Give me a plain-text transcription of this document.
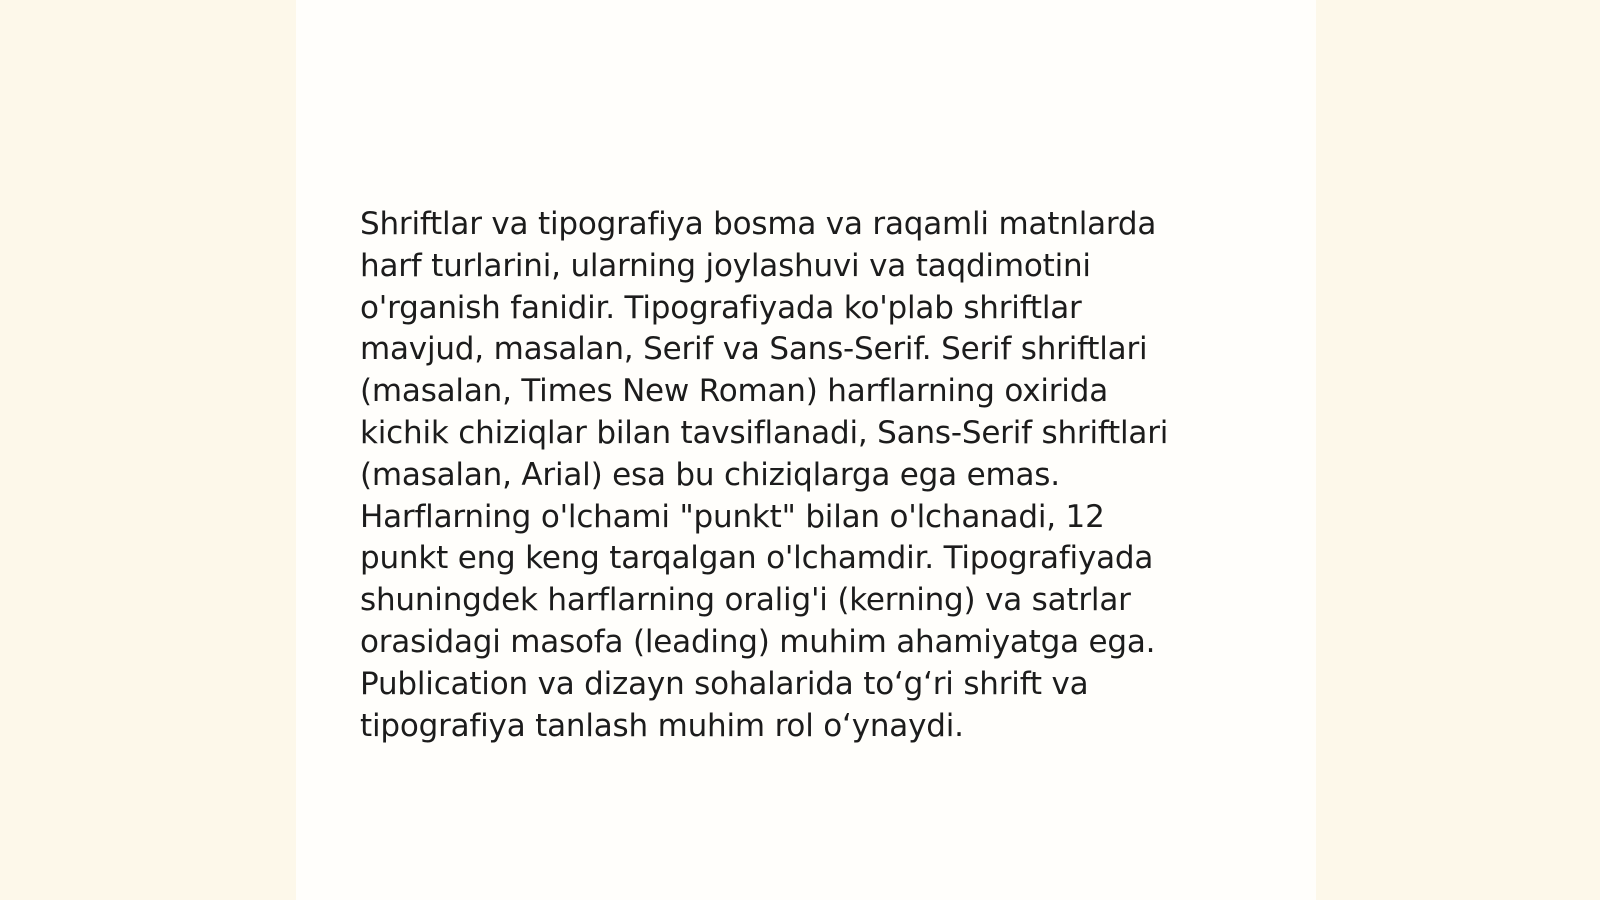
Shriftlar va tipografiya bosma va raqamli matnlarda
harf turlarini, ularning joylashuvi va taqdimotini
o'rganish fanidir. Tipografiyada ko'plab shriftlar
mavjud, masalan, Serif va Sans-Serif. Serif shriftlari
(masalan, Times New Roman) harflarning oxirida
kichik chiziqlar bilan tavsiflanadi, Sans-Serif shriftlari
(masalan, Arial) esa bu chiziqlarga ega emas.
Harflarning o'lchami "punkt" bilan o'lchanadi, 12
punkt eng keng tarqalgan o'lchamdir. Tipografiyada
shuningdek harflarning oralig'i (kerning) va satrlar
orasidagi masofa (leading) muhim ahamiyatga ega.
Publication va dizayn sohalarida to‘g‘ri shrift va
tipografiya tanlash muhim rol o‘ynaydi.
